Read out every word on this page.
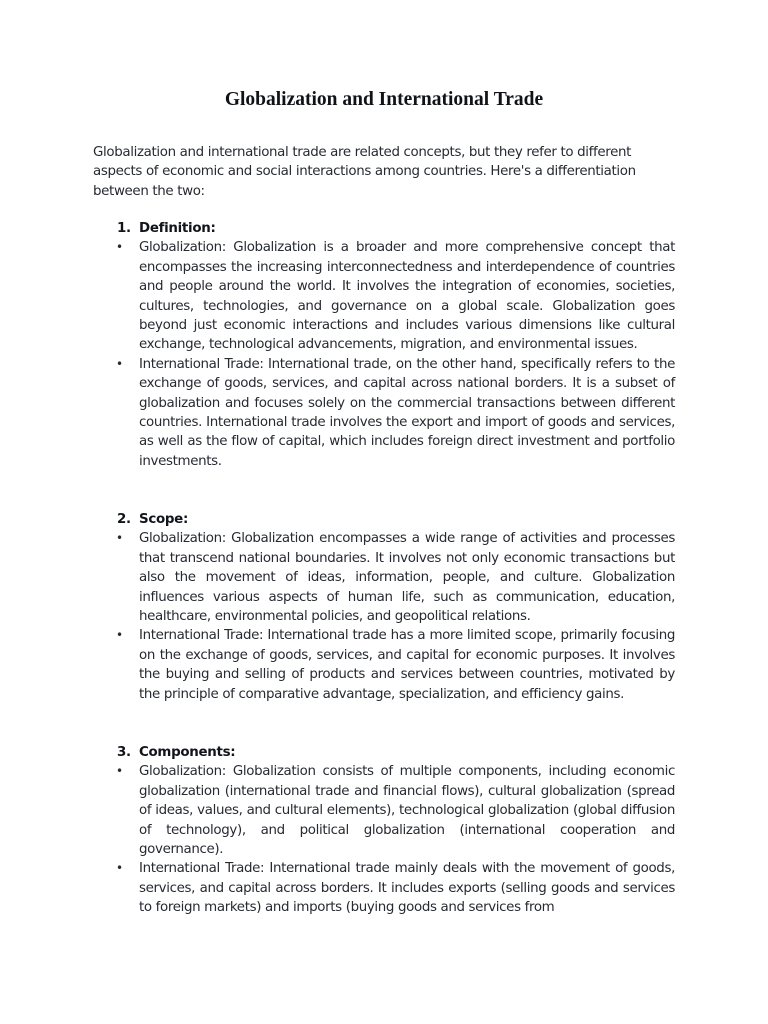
Globalization and International Trade

Globalization and international trade are related concepts, but they refer to different aspects of economic and social interactions among countries. Here's a differentiation between the two:

1. Definition:
• Globalization: Globalization is a broader and more comprehensive concept that encompasses the increasing interconnectedness and interdependence of countries and people around the world. It involves the integration of economies, societies, cultures, technologies, and governance on a global scale. Globalization goes beyond just economic interactions and includes various dimensions like cultural exchange, technological advancements, migration, and environmental issues.
• International Trade: International trade, on the other hand, specifically refers to the exchange of goods, services, and capital across national borders. It is a subset of globalization and focuses solely on the commercial transactions between different countries. International trade involves the export and import of goods and services, as well as the flow of capital, which includes foreign direct investment and portfolio investments.
2. Scope:
• Globalization: Globalization encompasses a wide range of activities and processes that transcend national boundaries. It involves not only economic transactions but also the movement of ideas, information, people, and culture. Globalization influences various aspects of human life, such as communication, education, healthcare, environmental policies, and geopolitical relations.
• International Trade: International trade has a more limited scope, primarily focusing on the exchange of goods, services, and capital for economic purposes. It involves the buying and selling of products and services between countries, motivated by the principle of comparative advantage, specialization, and efficiency gains.
3. Components:
• Globalization: Globalization consists of multiple components, including economic globalization (international trade and financial flows), cultural globalization (spread of ideas, values, and cultural elements), technological globalization (global diffusion of technology), and political globalization (international cooperation and governance).
• International Trade: International trade mainly deals with the movement of goods, services, and capital across borders. It includes exports (selling goods and services to foreign markets) and imports (buying goods and services from
